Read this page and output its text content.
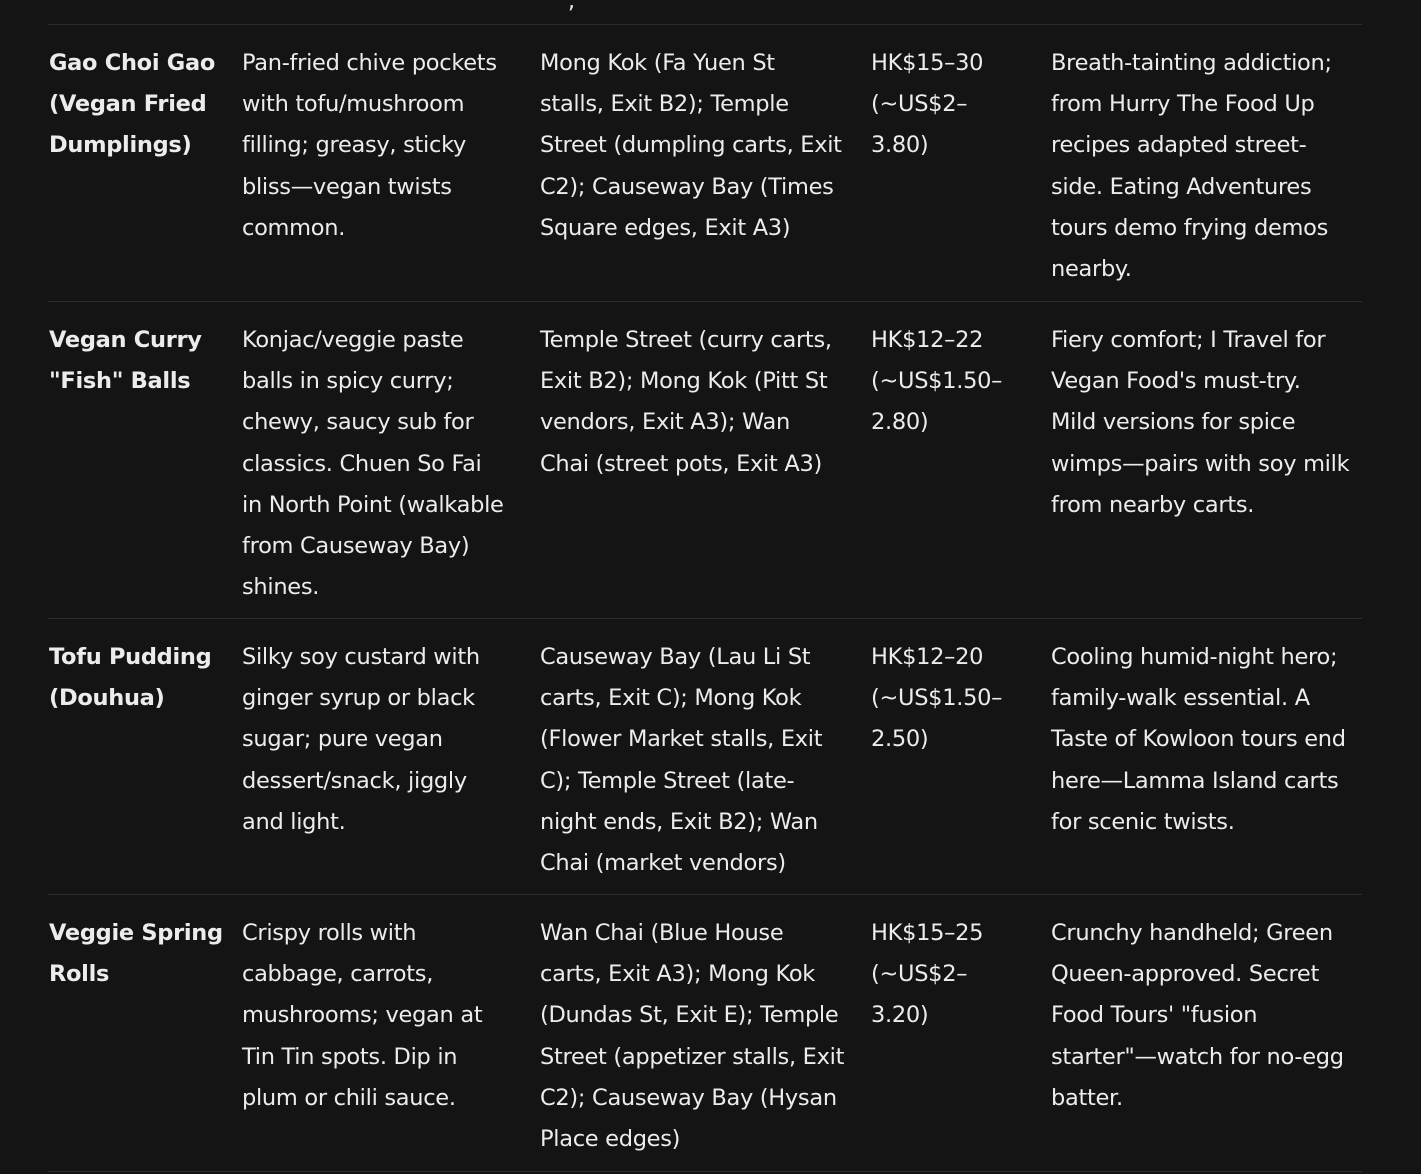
,
Gao Choi Gao
(Vegan Fried
Dumplings)
Pan-fried chive pockets
with tofu/mushroom
filling; greasy, sticky
bliss—vegan twists
common.
Mong Kok (Fa Yuen St
stalls, Exit B2); Temple
Street (dumpling carts, Exit
C2); Causeway Bay (Times
Square edges, Exit A3)
HK$15–30
(~US$2–
3.80)
Breath-tainting addiction;
from Hurry The Food Up
recipes adapted street-
side. Eating Adventures
tours demo frying demos
nearby.
Vegan Curry
"Fish" Balls
Konjac/veggie paste
balls in spicy curry;
chewy, saucy sub for
classics. Chuen So Fai
in North Point (walkable
from Causeway Bay)
shines.
Temple Street (curry carts,
Exit B2); Mong Kok (Pitt St
vendors, Exit A3); Wan
Chai (street pots, Exit A3)
HK$12–22
(~US$1.50–
2.80)
Fiery comfort; I Travel for
Vegan Food's must-try.
Mild versions for spice
wimps—pairs with soy milk
from nearby carts.
Tofu Pudding
(Douhua)
Silky soy custard with
ginger syrup or black
sugar; pure vegan
dessert/snack, jiggly
and light.
Causeway Bay (Lau Li St
carts, Exit C); Mong Kok
(Flower Market stalls, Exit
C); Temple Street (late-
night ends, Exit B2); Wan
Chai (market vendors)
HK$12–20
(~US$1.50–
2.50)
Cooling humid-night hero;
family-walk essential. A
Taste of Kowloon tours end
here—Lamma Island carts
for scenic twists.
Veggie Spring
Rolls
Crispy rolls with
cabbage, carrots,
mushrooms; vegan at
Tin Tin spots. Dip in
plum or chili sauce.
Wan Chai (Blue House
carts, Exit A3); Mong Kok
(Dundas St, Exit E); Temple
Street (appetizer stalls, Exit
C2); Causeway Bay (Hysan
Place edges)
HK$15–25
(~US$2–
3.20)
Crunchy handheld; Green
Queen-approved. Secret
Food Tours' "fusion
starter"—watch for no-egg
batter.
